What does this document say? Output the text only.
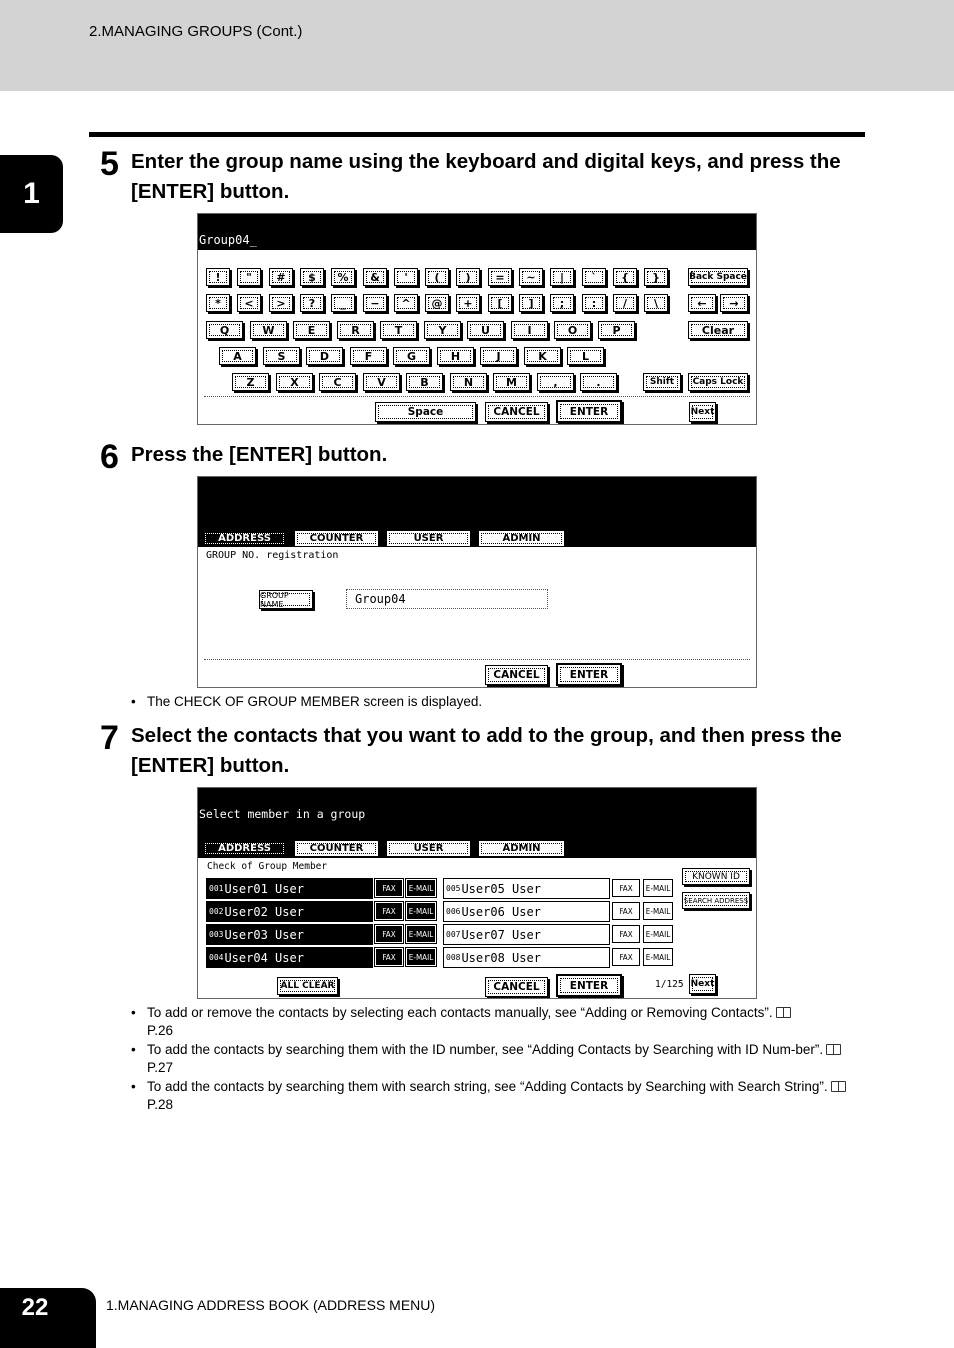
2.MANAGING GROUPS (Cont.)
1
5 Enter the group name using the keyboard and digital keys, and press the [ENTER] button.
Group04_
! " # $ % & ' ( ) = ~ | ` { }
* < > ? _ − ^ @ + [ ] ;	: / \
Q	W	E	R	T	Y	U	I	O	P
A	S	D	F	G	H	J	K	L
Z	X	C	V	B	N	M	,	.
Back Space
← →
Clear
Shift Caps Lock
Space	CANCEL	ENTER	Next
6 Press the [ENTER] button.
ADDRESS	COUNTER	USER	ADMIN
GROUP NO. registration
GROUP NAME	Group04
CANCEL	ENTER
• The CHECK OF GROUP MEMBER screen is displayed.
7 Select the contacts that you want to add to the group, and then press the [ENTER] button.
Select member in a group
ADDRESS	COUNTER	USER	ADMIN
Check of Group Member
001 User01 User	FAX	E-MAIL
002 User02 User	FAX	E-MAIL
003 User03 User	FAX	E-MAIL
004 User04 User	FAX	E-MAIL
005 User05 User	FAX	E-MAIL
006 User06 User	FAX	E-MAIL
007 User07 User	FAX	E-MAIL
008 User08 User	FAX	E-MAIL
KNOWN ID
SEARCH ADDRESS
ALL CLEAR	CANCEL	ENTER	1/125 Next
• To add or remove the contacts by selecting each contacts manually, see “Adding or Removing Contacts”.
P.26
• To add the contacts by searching them with the ID number, see “Adding Contacts by Searching with ID Num-ber”.P.27
• To add the contacts by searching them with search string, see “Adding Contacts by Searching with Search String”.P.28
22	1.MANAGING ADDRESS BOOK (ADDRESS MENU)
